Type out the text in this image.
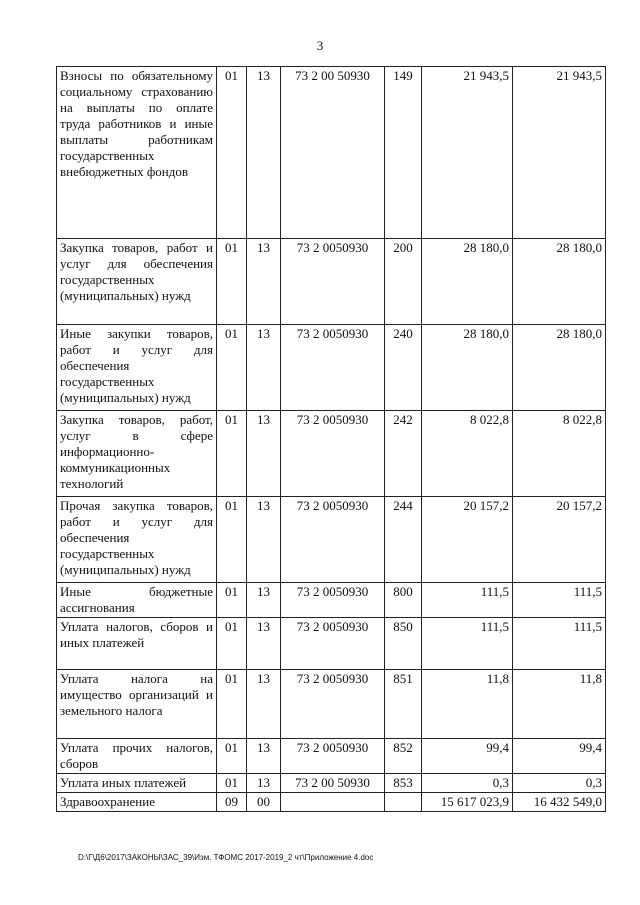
3
Взносы по обязательному социальному страхованию на выплаты по оплате труда работников и иные выплаты работникам государственных внебюджетных фондов	01	13	73 2 00 50930	149	21 943,5	21 943,5
Закупка товаров, работ и услуг для обеспечения государственных (муниципальных) нужд	01	13	73 2 0050930	200	28 180,0	28 180,0
Иные закупки товаров, работ и услуг для обеспечения государственных (муниципальных) нужд	01	13	73 2 0050930	240	28 180,0	28 180,0
Закупка товаров, работ, услуг в сфере информационно-коммуникационных технологий	01	13	73 2 0050930	242	8 022,8	8 022,8
Прочая закупка товаров, работ и услуг для обеспечения государственных (муниципальных) нужд	01	13	73 2 0050930	244	20 157,2	20 157,2
Иные бюджетные ассигнования	01	13	73 2 0050930	800	111,5	111,5
Уплата налогов, сборов и иных платежей	01	13	73 2 0050930	850	111,5	111,5
Уплата налога на имущество организаций и земельного налога	01	13	73 2 0050930	851	11,8	11,8
Уплата прочих налогов, сборов	01	13	73 2 0050930	852	99,4	99,4
Уплата иных платежей	01	13	73 2 00 50930	853	0,3	0,3
Здравоохранение	09	00			15 617 023,9	16 432 549,0
D:\Г\Д6\2017\ЗАКОНЫ\ЗАС_39\Изм. ТФОМС 2017-2019_2 чт\Приложение 4.doc
